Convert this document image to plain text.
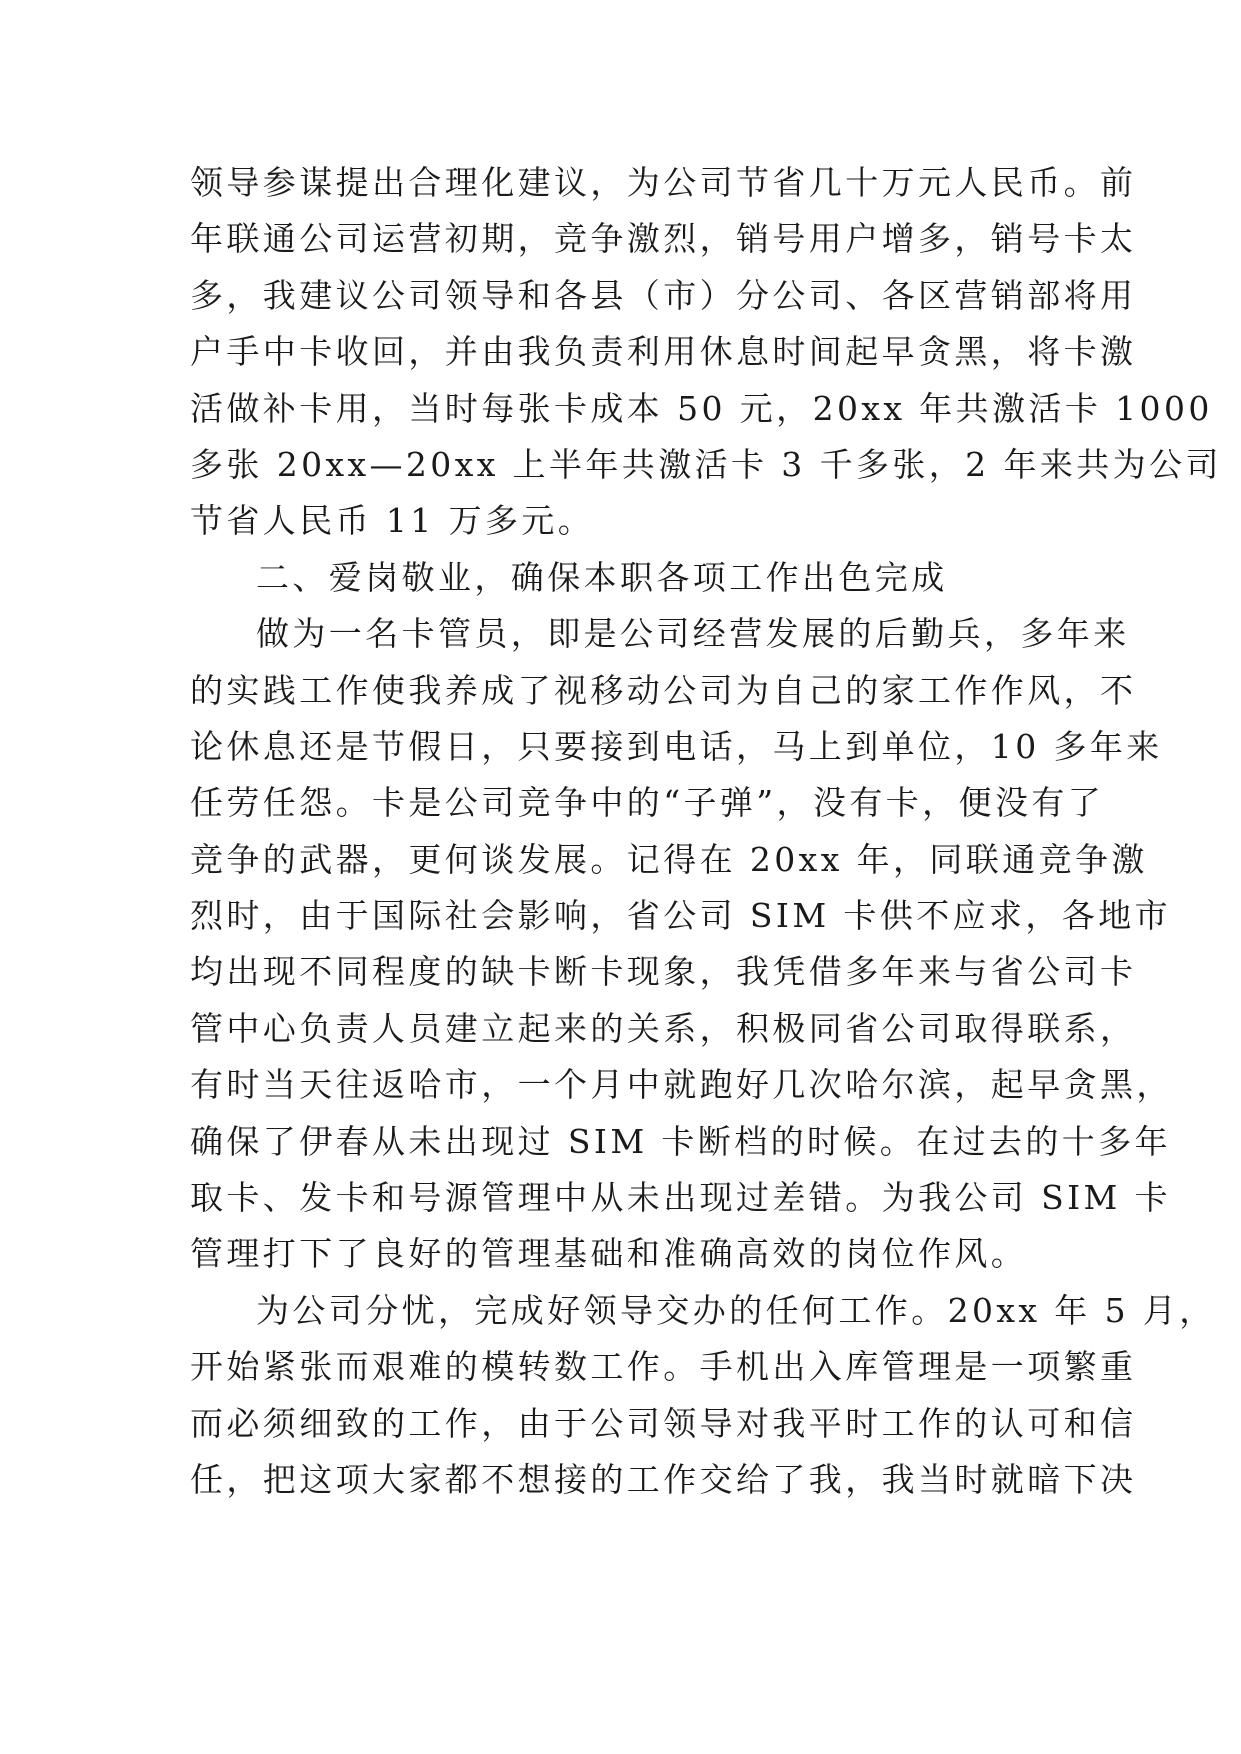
领导参谋提出合理化建议，为公司节省几十万元人民币。前
年联通公司运营初期，竞争激烈，销号用户增多，销号卡太
多，我建议公司领导和各县（市）分公司、各区营销部将用
户手中卡收回，并由我负责利用休息时间起早贪黑，将卡激
活做补卡用，当时每张卡成本 50 元，20xx 年共激活卡 1000
多张 20xx—20xx 上半年共激活卡 3 千多张，2 年来共为公司
节省人民币 11 万多元。
二、爱岗敬业，确保本职各项工作出色完成
做为一名卡管员，即是公司经营发展的后勤兵，多年来
的实践工作使我养成了视移动公司为自己的家工作作风，不
论休息还是节假日，只要接到电话，马上到单位，10 多年来
任劳任怨。卡是公司竞争中的“子弹”，没有卡，便没有了
竞争的武器，更何谈发展。记得在 20xx 年，同联通竞争激
烈时，由于国际社会影响，省公司 SIM 卡供不应求，各地市
均出现不同程度的缺卡断卡现象，我凭借多年来与省公司卡
管中心负责人员建立起来的关系，积极同省公司取得联系，
有时当天往返哈市，一个月中就跑好几次哈尔滨，起早贪黑，
确保了伊春从未出现过 SIM 卡断档的时候。在过去的十多年
取卡、发卡和号源管理中从未出现过差错。为我公司 SIM 卡
管理打下了良好的管理基础和准确高效的岗位作风。
为公司分忧，完成好领导交办的任何工作。20xx 年 5 月，
开始紧张而艰难的模转数工作。手机出入库管理是一项繁重
而必须细致的工作，由于公司领导对我平时工作的认可和信
任，把这项大家都不想接的工作交给了我，我当时就暗下决
